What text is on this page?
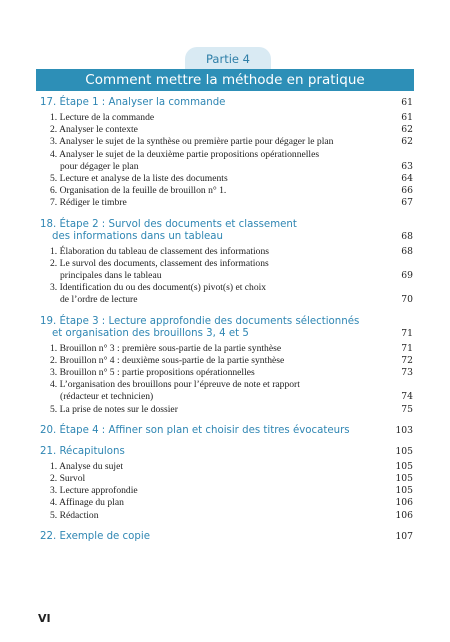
Partie 4
Comment mettre la méthode en pratique
17. Étape 1 : Analyser la commande	61
1. Lecture de la commande	61
2. Analyser le contexte	62
3. Analyser le sujet de la synthèse ou première partie pour dégager le plan	62
4. Analyser le sujet de la deuxième partie propositions opérationnelles

pour dégager le plan	63
5. Lecture et analyse de la liste des documents	64
6. Organisation de la feuille de brouillon n° 1.	66
7. Rédiger le timbre	67
18. Étape 2 : Survol des documents et classement

des informations dans un tableau	68
1. Élaboration du tableau de classement des informations	68
2. Le survol des documents, classement des informations

principales dans le tableau	69
3. Identification du ou des document(s) pivot(s) et choix

de l’ordre de lecture	70
19. Étape 3 : Lecture approfondie des documents sélectionnés

et organisation des brouillons 3, 4 et 5	71
1. Brouillon n° 3 : première sous-partie de la partie synthèse	71
2. Brouillon n° 4 : deuxième sous-partie de la partie synthèse	72
3. Brouillon n° 5 : partie propositions opérationnelles	73
4. L’organisation des brouillons pour l’épreuve de note et rapport

(rédacteur et technicien)	74
5. La prise de notes sur le dossier	75
20. Étape 4 : Affiner son plan et choisir des titres évocateurs	103
21. Récapitulons	105
1. Analyse du sujet	105
2. Survol	105
3. Lecture approfondie	105
4. Affinage du plan	106
5. Rédaction	106
22. Exemple de copie	107
VI
